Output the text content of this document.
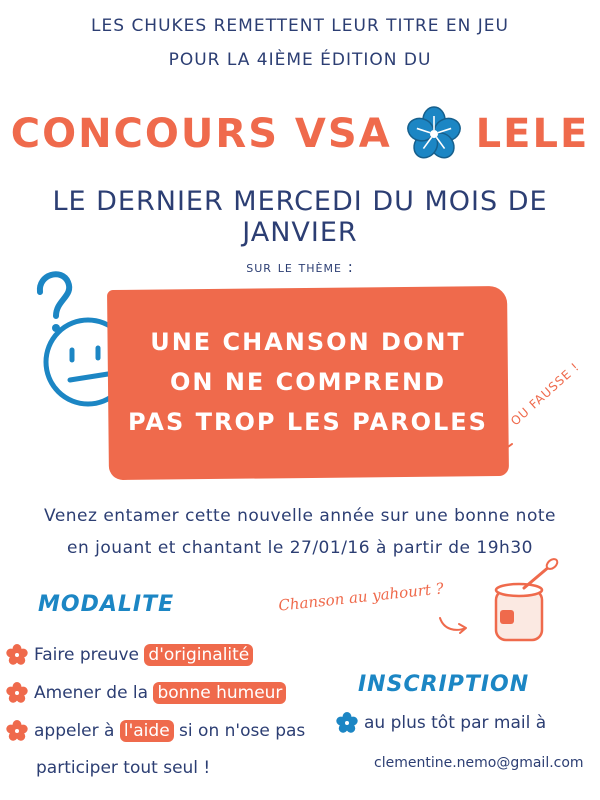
LES CHUKES REMETTENT LEUR TITRE EN JEU
POUR LA 4IÈME ÉDITION DU
CONCOURS VSA LELE
LE DERNIER MERCEDI DU MOIS DE JANVIER
sur le thème :
UNE CHANSON DONT
ON NE COMPREND
PAS TROP LES PAROLES	OU FAUSSE !
Venez entamer cette nouvelle année sur une bonne note
en jouant et chantant le 27/01/16 à partir de 19h30
MODALITE
Faire preuve d'originalité
Amener de la bonne humeur
appeler à l'aide si on n'ose pas
participer tout seul !
Chanson au yahourt ?
INSCRIPTION
au plus tôt par mail à
clementine.nemo@gmail.com
